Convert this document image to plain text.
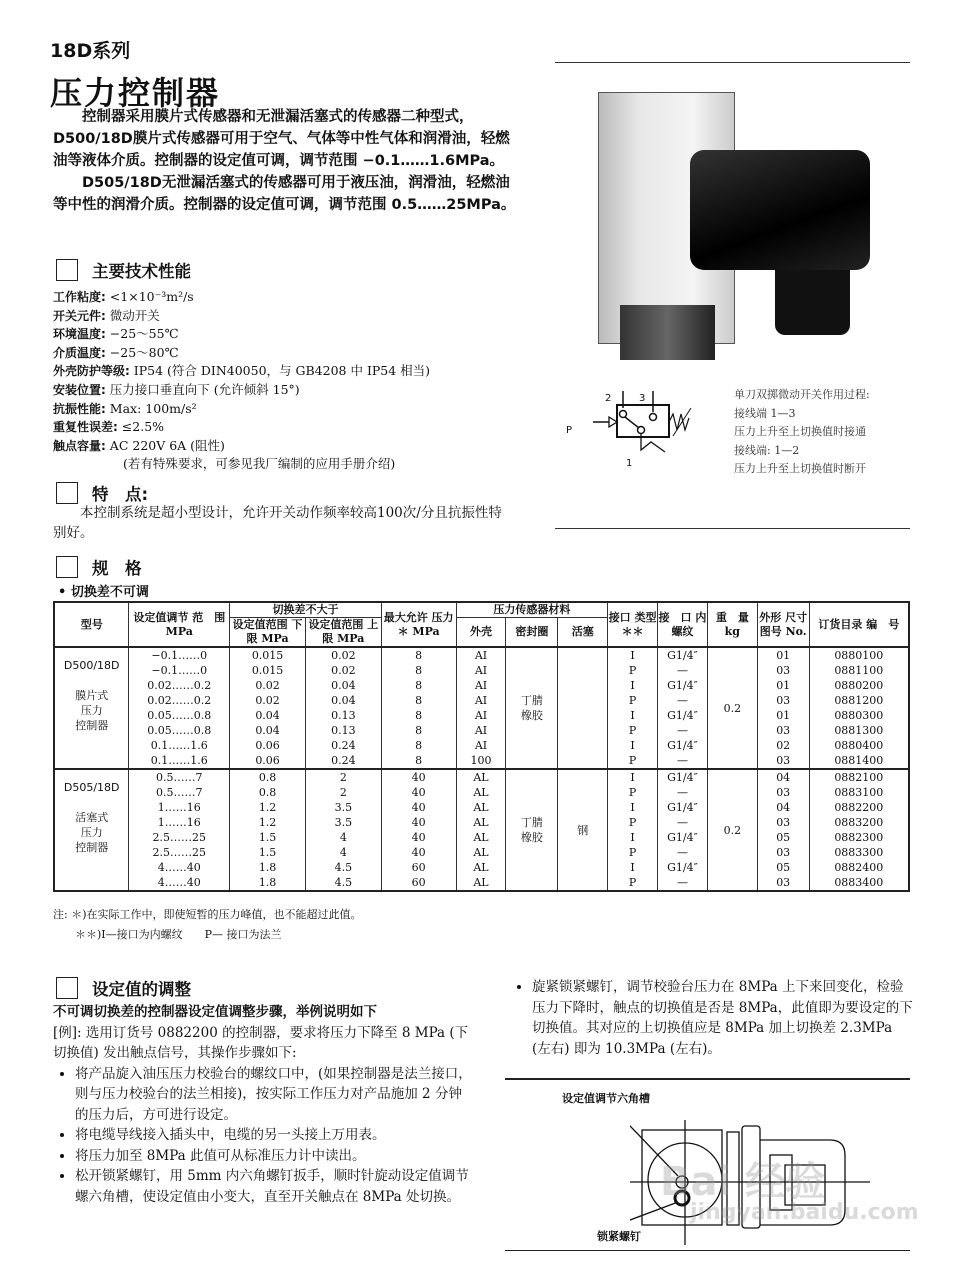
18D系列
压力控制器

控制器采用膜片式传感器和无泄漏活塞式的传感器二种型式，D500/18D膜片式传感器可用于空气、气体等中性气体和润滑油，轻燃油等液体介质。控制器的设定值可调，调节范围 −0.1……1.6MPa。

D505/18D无泄漏活塞式的传感器可用于液压油，润滑油，轻燃油等中性的润滑介质。控制器的设定值可调，调节范围 0.5……25MPa。

主要技术性能
工作粘度: <1×10⁻³m²/s
开关元件: 微动开关
环境温度: −25～55℃
介质温度: −25～80℃
外壳防护等级: IP54 (符合 DIN40050，与 GB4208 中 IP54 相当)
安装位置: 压力接口垂直向下 (允许倾斜 15°)
抗振性能: Max: 100m/s²
重复性误差: ≤2.5%
触点容量: AC 220V 6A (阻性)
(若有特殊要求，可参见我厂编制的应用手册介绍)
2	3
P
1
单刀双掷微动开关作用过程:
接线端 1—3
压力上升至上切换值时接通
接线端: 1—2
压力上升至上切换值时断开
特　点:
本控制系统是超小型设计，允许开关动作频率较高100次/分且抗振性特别好。
规　格
• 切换差不可调
型号	设定值调节 范　围 MPa	切换差不大于		最大允许 压力＊ MPa	压力传感器材料			接口 类型 ＊＊	接　口 内螺纹	重　量 kg	外形 尺寸 图号 No.	订货目录 编　号
		设定值范围 下限 MPa	设定值范围 上限 MPa		外壳	密封圈	活塞					

D500/18D
膜片式
压力
控制器	−0.1……0	0.015	0.02	8	AI	丁腈 橡胶		I	G1/4″	0.2	01	0880100
	−0.1……0	0.015	0.02	8	AI			P	—		03	0881100
	0.02……0.2	0.02	0.04	8	AI			I	G1/4″		01	0880200
	0.02……0.2	0.02	0.04	8	AI			P	—		03	0881200
	0.05……0.8	0.04	0.13	8	AI			I	G1/4″		01	0880300
	0.05……0.8	0.04	0.13	8	AI			P	—		03	0881300
	0.1……1.6	0.06	0.24	8	AI			I	G1/4″		02	0880400
	0.1……1.6	0.06	0.24	8	100			P	—		03	0881400

D505/18D
活塞式
压力
控制器	0.5……7	0.8	2	40	AL	丁腈 橡胶	钢	I	G1/4″	0.2	04	0882100
	0.5……7	0.8	2	40	AL			P	—		03	0883100
	1……16	1.2	3.5	40	AL			I	G1/4″		04	0882200
	1……16	1.2	3.5	40	AL			P	—		03	0883200
	2.5……25	1.5	4	40	AL			I	G1/4″		05	0882300
	2.5……25	1.5	4	40	AL			P	—		03	0883300
	4……40	1.8	4.5	60	AL			I	G1/4″		05	0882400
	4……40	1.8	4.5	60	AL			P	—		03	0883400
注: ＊)在实际工作中，即使短暂的压力峰值，也不能超过此值。
＊＊)I—接口为内螺纹　　P— 接口为法兰
设定值的调整
不可调切换差的控制器设定值调整步骤，举例说明如下
[例]: 选用订货号 0882200 的控制器，要求将压力下降至 8 MPa (下切换值) 发出触点信号，其操作步骤如下:
• 将产品旋入油压压力校验台的螺纹口中，(如果控制器是法兰接口，则与压力校验台的法兰相接)，按实际工作压力对产品施加 2 分钟的压力后，方可进行设定。
• 将电缆导线接入插头中，电缆的另一头接上万用表。
• 将压力加至 8MPa 此值可从标准压力计中读出。
• 松开锁紧螺钉，用 5mm 内六角螺钉扳手，顺时针旋动设定值调节螺六角槽，使设定值由小变大，直至开关触点在 8MPa 处切换。
• 旋紧锁紧螺钉，调节校验台压力在 8MPa 上下来回变化，检验压力下降时，触点的切换值是否是 8MPa，此值即为要设定的下切换值。其对应的上切换值应是 8MPa 加上切换差 2.3MPa (左右) 即为 10.3MPa (左右)。
设定值调节六角槽
锁紧螺钉
Bai 经验
jingyan.baidu.com
